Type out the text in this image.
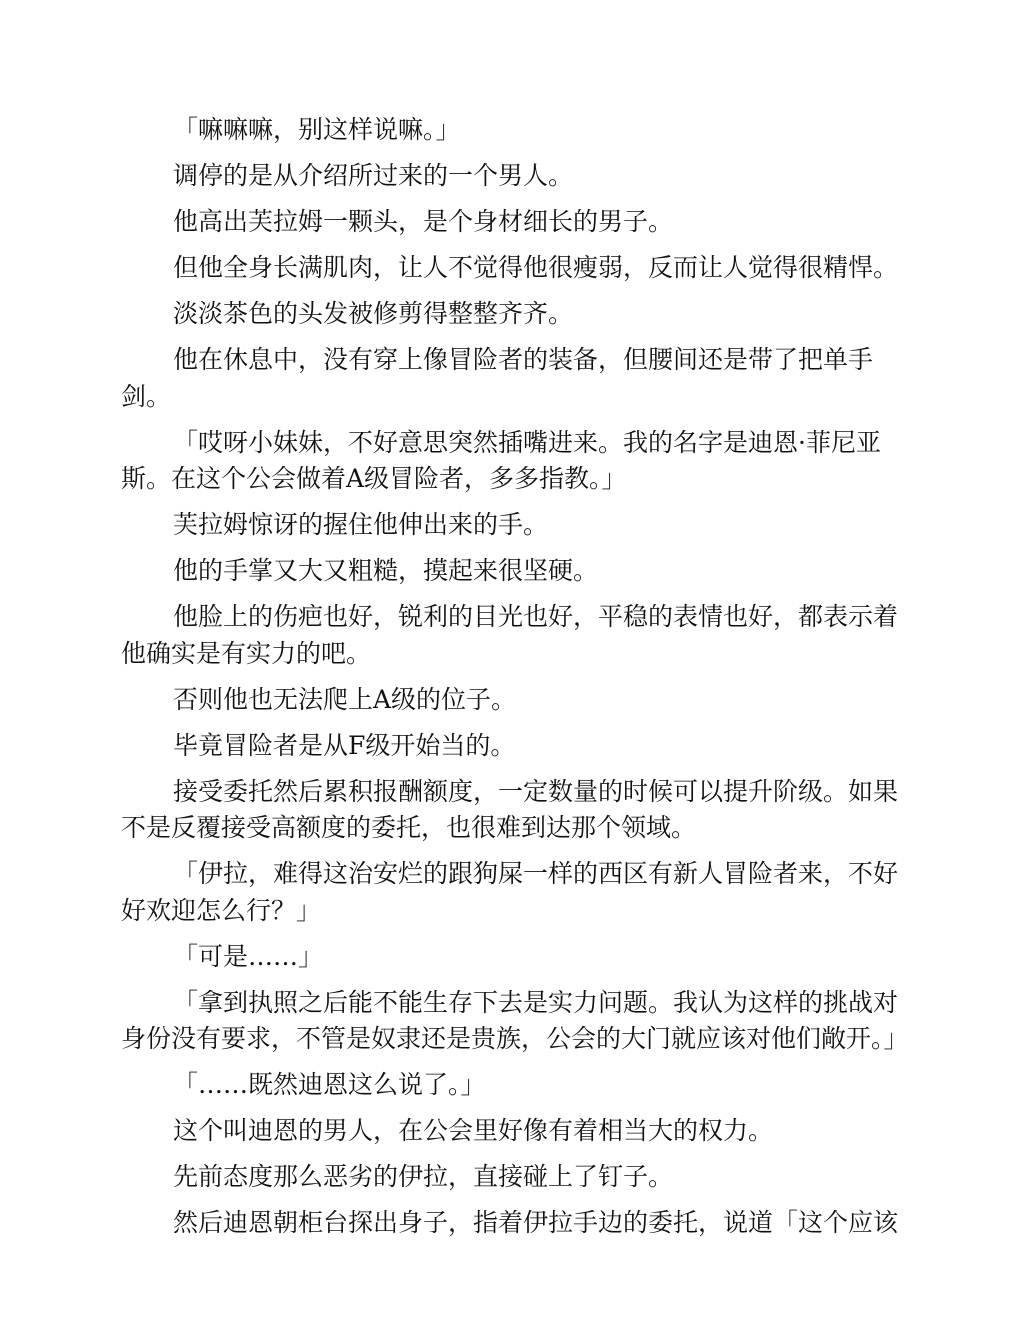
「嘛嘛嘛，别这样说嘛。」

调停的是从介绍所过来的一个男人。

他高出芙拉姆一颗头，是个身材细长的男子。

但他全身长满肌肉，让人不觉得他很瘦弱，反而让人觉得很精悍。

淡淡茶色的头发被修剪得整整齐齐。

他在休息中，没有穿上像冒险者的装备，但腰间还是带了把单手剑。

「哎呀小妹妹，不好意思突然插嘴进来。我的名字是迪恩·菲尼亚斯。在这个公会做着A级冒险者，多多指教。」

芙拉姆惊讶的握住他伸出来的手。

他的手掌又大又粗糙，摸起来很坚硬。

他脸上的伤疤也好，锐利的目光也好，平稳的表情也好，都表示着他确实是有实力的吧。

否则他也无法爬上A级的位子。

毕竟冒险者是从F级开始当的。

接受委托然后累积报酬额度，一定数量的时候可以提升阶级。如果不是反覆接受高额度的委托，也很难到达那个领域。

「伊拉，难得这治安烂的跟狗屎一样的西区有新人冒险者来，不好好欢迎怎么行？」

「可是……」

「拿到执照之后能不能生存下去是实力问题。我认为这样的挑战对身份没有要求，不管是奴隶还是贵族，公会的大门就应该对他们敞开。」

「……既然迪恩这么说了。」

这个叫迪恩的男人，在公会里好像有着相当大的权力。

先前态度那么恶劣的伊拉，直接碰上了钉子。

然后迪恩朝柜台探出身子，指着伊拉手边的委托，说道「这个应该
